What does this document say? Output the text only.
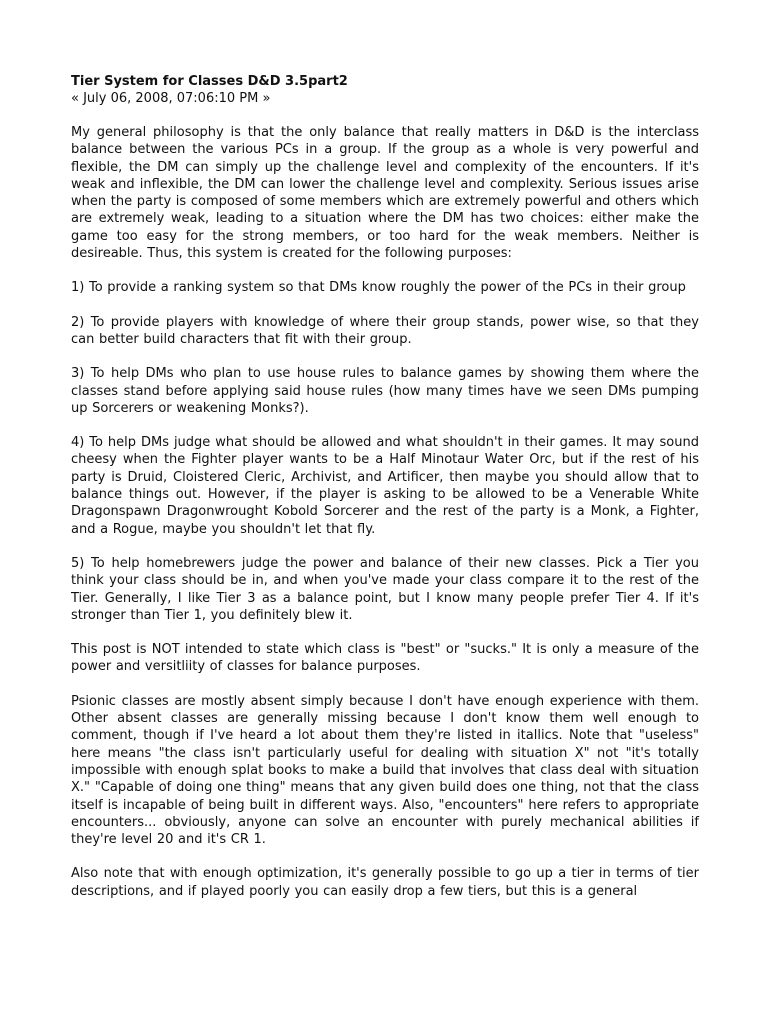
Tier System for Classes D&D 3.5part2

« July 06, 2008, 07:06:10 PM »

My general philosophy is that the only balance that really matters in D&D is the interclass balance between the various PCs in a group. If the group as a whole is very powerful and flexible, the DM can simply up the challenge level and complexity of the encounters. If it's weak and inflexible, the DM can lower the challenge level and complexity. Serious issues arise when the party is composed of some members which are extremely powerful and others which are extremely weak, leading to a situation where the DM has two choices: either make the game too easy for the strong members, or too hard for the weak members. Neither is desireable. Thus, this system is created for the following purposes:

1) To provide a ranking system so that DMs know roughly the power of the PCs in their group

2) To provide players with knowledge of where their group stands, power wise, so that they can better build characters that fit with their group.

3) To help DMs who plan to use house rules to balance games by showing them where the classes stand before applying said house rules (how many times have we seen DMs pumping up Sorcerers or weakening Monks?).

4) To help DMs judge what should be allowed and what shouldn't in their games. It may sound cheesy when the Fighter player wants to be a Half Minotaur Water Orc, but if the rest of his party is Druid, Cloistered Cleric, Archivist, and Artificer, then maybe you should allow that to balance things out. However, if the player is asking to be allowed to be a Venerable White Dragonspawn Dragonwrought Kobold Sorcerer and the rest of the party is a Monk, a Fighter, and a Rogue, maybe you shouldn't let that fly.

5) To help homebrewers judge the power and balance of their new classes. Pick a Tier you think your class should be in, and when you've made your class compare it to the rest of the Tier. Generally, I like Tier 3 as a balance point, but I know many people prefer Tier 4. If it's stronger than Tier 1, you definitely blew it.

This post is NOT intended to state which class is "best" or "sucks." It is only a measure of the power and versitliity of classes for balance purposes.

Psionic classes are mostly absent simply because I don't have enough experience with them. Other absent classes are generally missing because I don't know them well enough to comment, though if I've heard a lot about them they're listed in itallics. Note that "useless" here means "the class isn't particularly useful for dealing with situation X" not "it's totally impossible with enough splat books to make a build that involves that class deal with situation X." "Capable of doing one thing" means that any given build does one thing, not that the class itself is incapable of being built in different ways. Also, "encounters" here refers to appropriate encounters... obviously, anyone can solve an encounter with purely mechanical abilities if they're level 20 and it's CR 1.

Also note that with enough optimization, it's generally possible to go up a tier in terms of tier descriptions, and if played poorly you can easily drop a few tiers, but this is a general
